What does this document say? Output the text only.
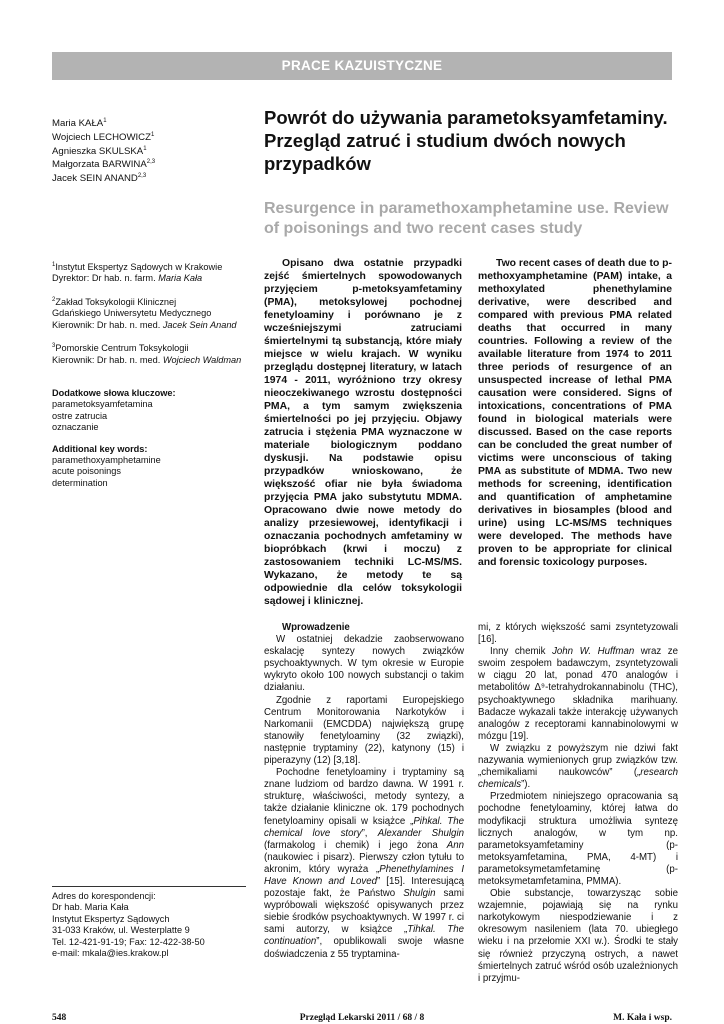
PRACE KAZUISTYCZNE
Maria KAŁA$^1$
Wojciech LECHOWICZ$^1$
Agnieszka SKULSKA$^1$
Małgorzata BARWINA$^{2,3}$
Jacek SEIN ANAND$^{2,3}$
Powrót do używania parametoksyamfetaminy. Przegląd zatruć i studium dwóch nowych przypadków
Resurgence in paramethoxamphetamine use. Review of poisonings and two recent cases study

$^1$Instytut Ekspertyz Sądowych w Krakowie
Dyrektor: Dr hab. n. farm. Maria Kała

$^2$Zakład Toksykologii Klinicznej
Gdańskiego Uniwersytetu Medycznego
Kierownik: Dr hab. n. med. Jacek Sein Anand

$^3$Pomorskie Centrum Toksykologii
Kierownik: Dr hab. n. med. Wojciech Waldman

Dodatkowe słowa kluczowe:
parametoksyamfetamina
ostre zatrucia
oznaczanie
Additional key words:
paramethoxyamphetamine
acute poisonings
determination

Opisano dwa ostatnie przypadki zejść śmiertelnych spowodowanych przyjęciem p-metoksyamfetaminy (PMA), metoksylowej pochodnej fenetyloaminy i porównano je z wcześniejszymi zatruciami śmiertelnymi tą substancją, które miały miejsce w wielu krajach. W wyniku przeglądu dostępnej literatury, w latach 1974 - 2011, wyróżniono trzy okresy nieoczekiwanego wzrostu dostępności PMA, a tym samym zwiększenia śmiertelności po jej przyjęciu. Objawy zatrucia i stężenia PMA wyznaczone w materiale biologicznym poddano dyskusji. Na podstawie opisu przypadków wnioskowano, że większość ofiar nie była świadoma przyjęcia PMA jako substytutu MDMA. Opracowano dwie nowe metody do analizy przesiewowej, identyfikacji i oznaczania pochodnych amfetaminy w biopróbkach (krwi i moczu) z zastosowaniem techniki LC-MS/MS. Wykazano, że metody te są odpowiednie dla celów toksykologii sądowej i klinicznej.

Two recent cases of death due to p-methoxyamphetamine (PAM) intake, a methoxylated phenethylamine derivative, were described and compared with previous PMA related deaths that occurred in many countries. Following a review of the available literature from 1974 to 2011 three periods of resurgence of an unsuspected increase of lethal PMA causation were considered. Signs of intoxications, concentrations of PMA found in biological materials were discussed. Based on the case reports can be concluded the great number of victims were unconscious of taking PMA as substitute of MDMA. Two new methods for screening, identification and quantification of amphetamine derivatives in biosamples (blood and urine) using LC-MS/MS techniques were developed. The methods have proven to be appropriate for clinical and forensic toxicology purposes.

Wprowadzenie

W ostatniej dekadzie zaobserwowano eskalację syntezy nowych związków psychoaktywnych. W tym okresie w Europie wykryto około 100 nowych substancji o takim działaniu.

Zgodnie z raportami Europejskiego Centrum Monitorowania Narkotyków i Narkomanii (EMCDDA) największą grupę stanowiły fenetyloaminy (32 związki), następnie tryptaminy (22), katynony (15) i piperazyny (12) [3,18].

Pochodne fenetyloaminy i tryptaminy są znane ludziom od bardzo dawna. W 1991 r. strukturę, właściwości, metody syntezy, a także działanie kliniczne ok. 179 pochodnych fenetyloaminy opisali w książce „Pihkal. The chemical love story”, Alexander Shulgin (farmakolog i chemik) i jego żona Ann (naukowiec i pisarz). Pierwszy człon tytułu to akronim, który wyraża „Phenethylamines I Have Known and Loved” [15]. Interesującą pozostaje fakt, że Państwo Shulgin sami wypróbowali większość opisywanych przez siebie środków psychoaktywnych. W 1997 r. ci sami autorzy, w książce „Tihkal. The continuation”, opublikowali swoje własne doświadczenia z 55 tryptamina-

mi, z których większość sami zsyntetyzowali [16].

Inny chemik John W. Huffman wraz ze swoim zespołem badawczym, zsyntetyzowali w ciągu 20 lat, ponad 470 analogów i metabolitów Δ⁹-tetrahydrokannabinolu (THC), psychoaktywnego składnika marihuany. Badacze wykazali także interakcję używanych analogów z receptorami kannabinolowymi w mózgu [19].

W związku z powyższym nie dziwi fakt nazywania wymienionych grup związków tzw. „chemikaliami naukowców” („research chemicals”).

Przedmiotem niniejszego opracowania są pochodne fenetyloaminy, której łatwa do modyfikacji struktura umożliwia syntezę licznych analogów, w tym np. parametoksyamfetaminy (p-metoksyamfetamina, PMA, 4-MT) i parametoksymetamfetaminę (p-metoksymetamfetamina, PMMA).

Obie substancje, towarzysząc sobie wzajemnie, pojawiają się na rynku narkotykowym niespodziewanie i z okresowym nasileniem (lata 70. ubiegłego wieku i na przełomie XXI w.). Środki te stały się również przyczyną ostrych, a nawet śmiertelnych zatruć wśród osób uzależnionych i przyjmu-

Adres do korespondencji:
Dr hab. Maria Kała
Instytut Ekspertyz Sądowych
31-033 Kraków, ul. Westerplatte 9
Tel. 12-421-91-19; Fax: 12-422-38-50
e-mail: mkala@ies.krakow.pl
548	Przegląd Lekarski 2011 / 68 / 8	M. Kała i wsp.
